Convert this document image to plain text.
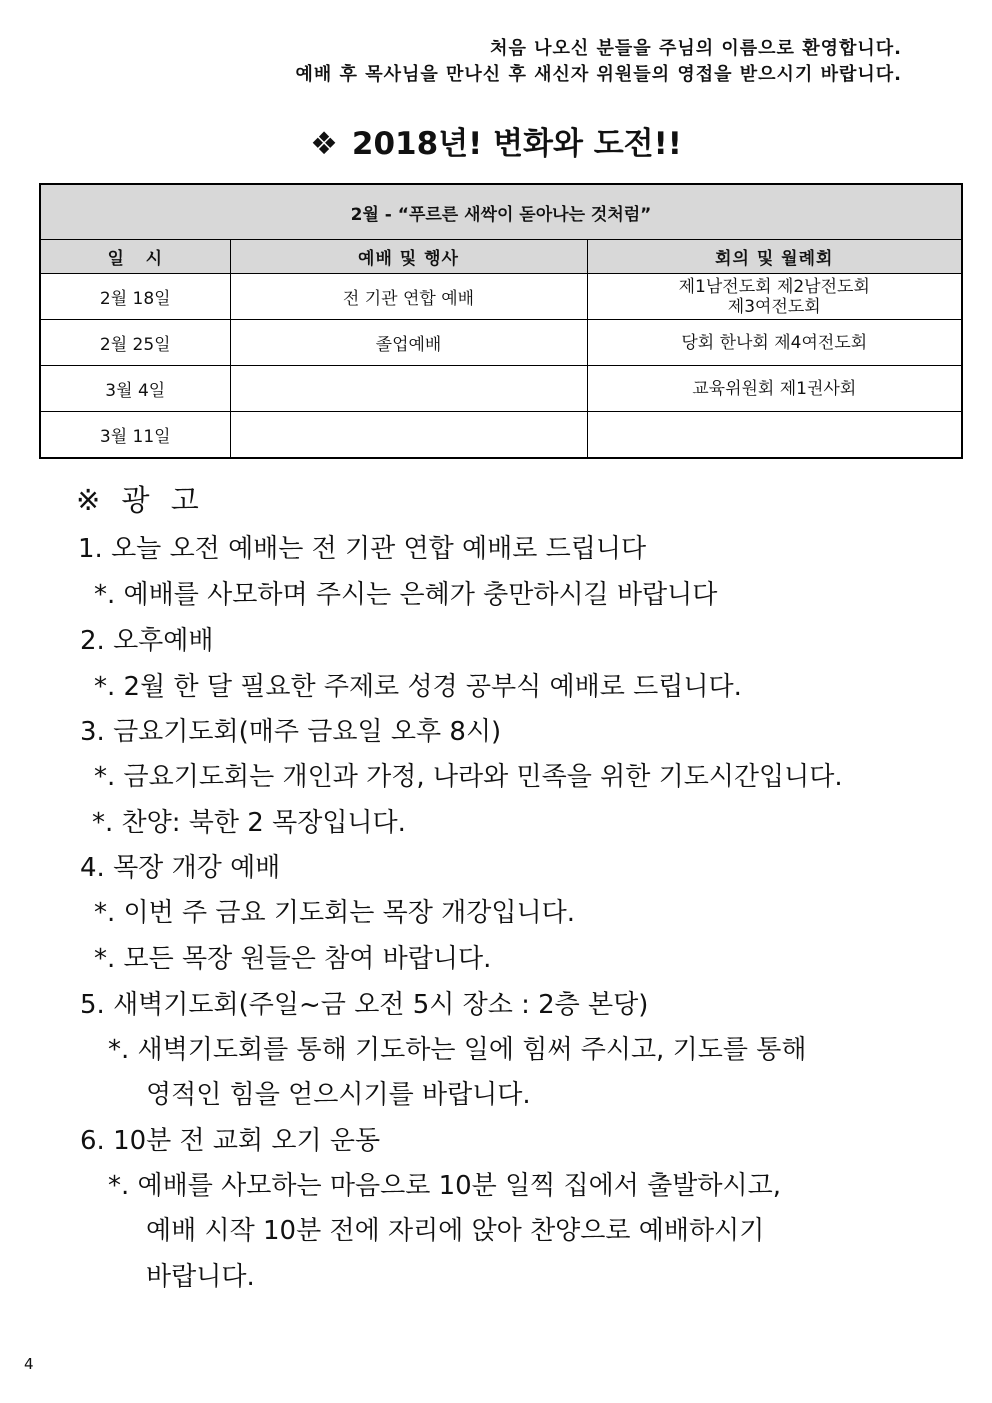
처음 나오신 분들을 주님의 이름으로 환영합니다.
예배 후 목사님을 만나신 후 새신자 위원들의 영접을 받으시기 바랍니다.
❖ 2018년! 변화와 도전!!
2월 - “푸르른 새싹이 돋아나는 것처럼”		
일   시	예배 및 행사	회의 및 월례회
2월 18일	전 기관 연합 예배	제1남전도회 제2남전도회
제3여전도회

2월 25일	졸업예배	당회 한나회 제4여전도회
3월 4일		교육위원회 제1권사회
3월 11일		
※ 광 고
1. 오늘 오전 예배는 전 기관 연합 예배로 드립니다
*. 예배를 사모하며 주시는 은혜가 충만하시길 바랍니다
2. 오후예배
*. 2월 한 달 필요한 주제로 성경 공부식 예배로 드립니다.
3. 금요기도회(매주 금요일 오후 8시)
*. 금요기도회는 개인과 가정, 나라와 민족을 위한 기도시간입니다.
*. 찬양: 북한 2 목장입니다.
4. 목장 개강 예배
*. 이번 주 금요 기도회는 목장 개강입니다.
*. 모든 목장 원들은 참여 바랍니다.
5. 새벽기도회(주일~금 오전 5시 장소 : 2층 본당)
*. 새벽기도회를 통해 기도하는 일에 힘써 주시고, 기도를 통해
영적인 힘을 얻으시기를 바랍니다.
6. 10분 전 교회 오기 운동
*. 예배를 사모하는 마음으로 10분 일찍 집에서 출발하시고,
예배 시작 10분 전에 자리에 앉아 찬양으로 예배하시기
바랍니다.
4
